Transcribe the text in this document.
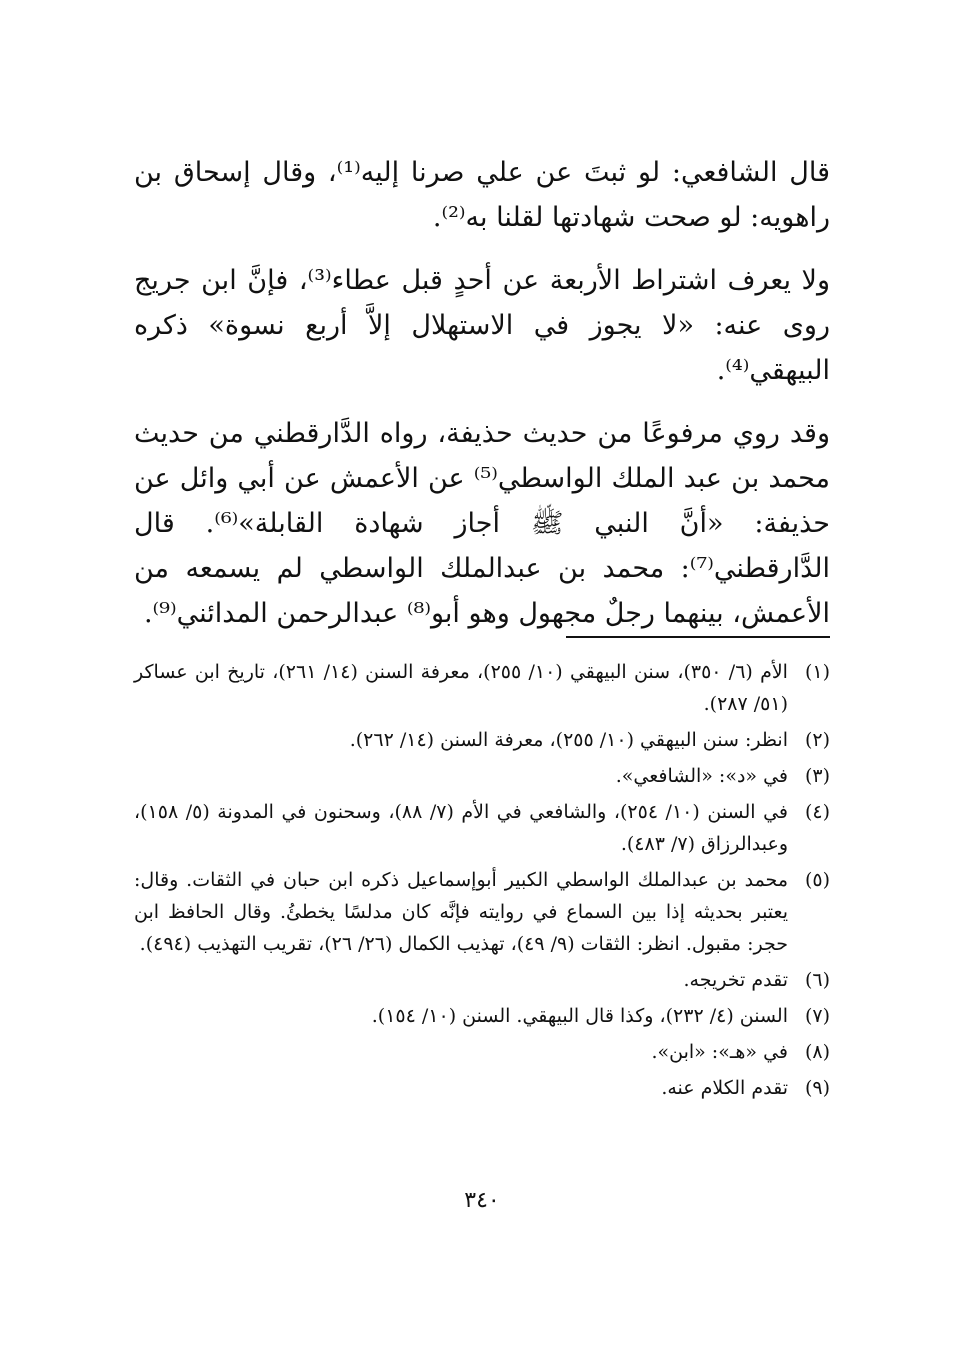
قال الشافعي: لو ثبتَ عن علي صرنا إليه⁽¹⁾، وقال إسحاق بن راهويه: لو صحت شهادتها لقلنا به⁽²⁾.

ولا يعرف اشتراط الأربعة عن أحدٍ قبل عطاء⁽³⁾، فإنَّ ابن جريج روى عنه: «لا يجوز في الاستهلال إلاَّ أربع نسوة» ذكره البيهقي⁽⁴⁾.

وقد روي مرفوعًا من حديث حذيفة، رواه الدَّارقطني من حديث محمد بن عبد الملك الواسطي⁽⁵⁾ عن الأعمش عن أبي وائل عن حذيفة: «أنَّ النبي ﷺ أجاز شهادة القابلة»⁽⁶⁾. قال الدَّارقطني⁽⁷⁾: محمد بن عبدالملك الواسطي لم يسمعه من الأعمش، بينهما رجلٌ مجهول وهو أبو⁽⁸⁾ عبدالرحمن المدائني⁽⁹⁾.

(١)
الأم (٦/ ٣٥٠)، سنن البيهقي (١٠/ ٢٥٥)، معرفة السنن (١٤/ ٢٦١)، تاريخ ابن عساكر (٥١/ ٢٨٧).
(٢)
انظر: سنن البيهقي (١٠/ ٢٥٥)، معرفة السنن (١٤/ ٢٦٢).
(٣)
في «د»: «الشافعي».
(٤)
في السنن (١٠/ ٢٥٤)، والشافعي في الأم (٧/ ٨٨)، وسحنون في المدونة (٥/ ١٥٨)، وعبدالرزاق (٧/ ٤٨٣).
(٥)
محمد بن عبدالملك الواسطي الكبير أبوإسماعيل ذكره ابن حبان في الثقات. وقال: يعتبر بحديثه إذا بين السماع في روايته فإنَّه كان مدلسًا يخطئُ. وقال الحافظ ابن حجر: مقبول. انظر: الثقات (٩/ ٤٩)، تهذيب الكمال (٢٦/ ٢٦)، تقريب التهذيب (٤٩٤).
(٦)
تقدم تخريجه.
(٧)
السنن (٤/ ٢٣٢)، وكذا قال البيهقي. السنن (١٠/ ١٥٤).
(٨)
في «هـ»: «ابن».
(٩)
تقدم الكلام عنه.
٣٤٠
